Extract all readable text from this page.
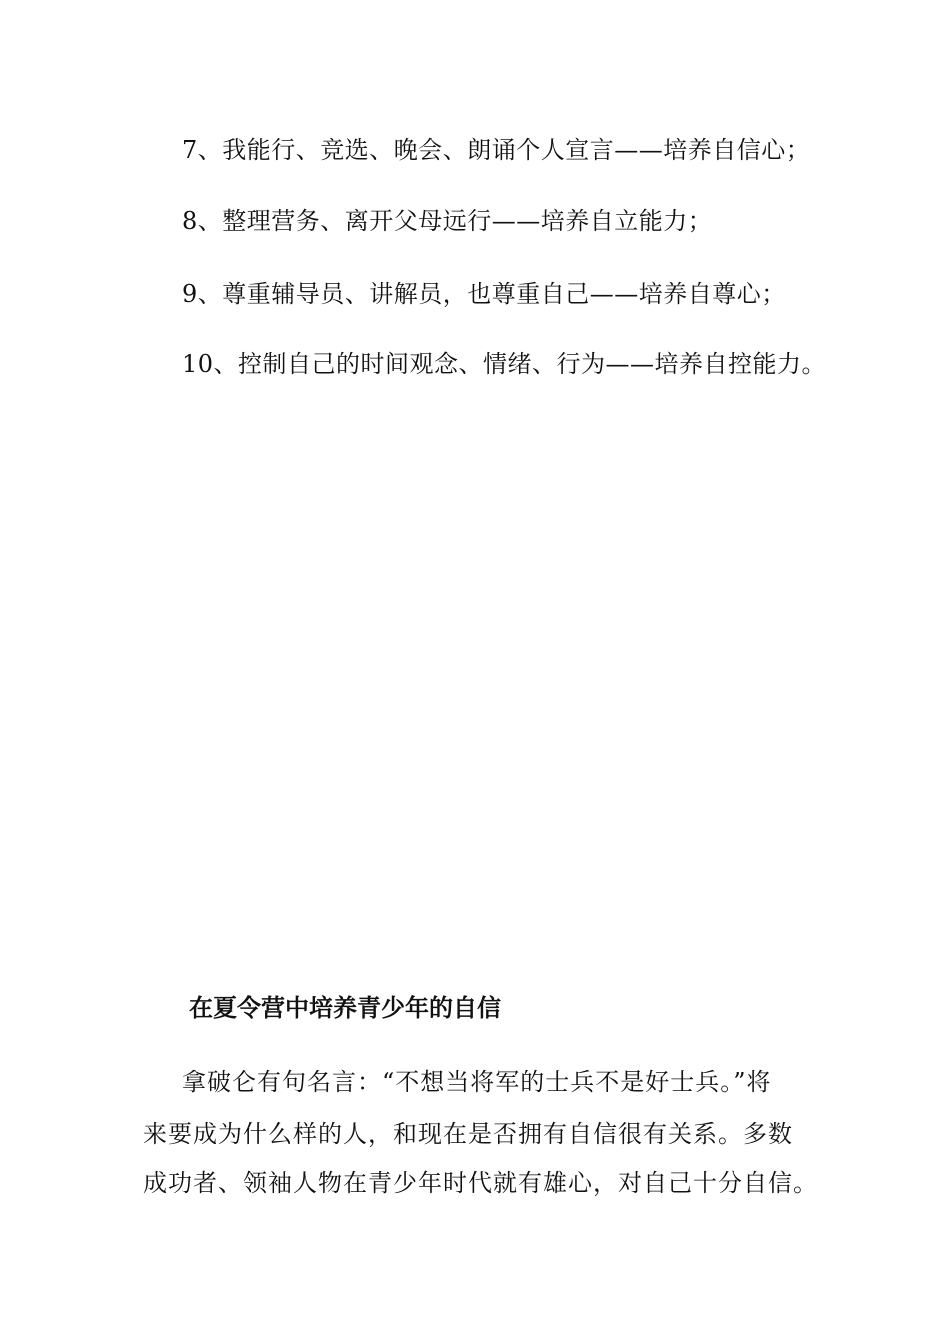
7、我能行、竞选、晚会、朗诵个人宣言——培养自信心；
8、整理营务、离开父母远行——培养自立能力；
9、尊重辅导员、讲解员，也尊重自己——培养自尊心；
10、控制自己的时间观念、情绪、行为——培养自控能力。
在夏令营中培养青少年的自信
拿破仑有句名言：“不想当将军的士兵不是好士兵。”将
来要成为什么样的人，和现在是否拥有自信很有关系。多数
成功者、领袖人物在青少年时代就有雄心，对自己十分自信。
